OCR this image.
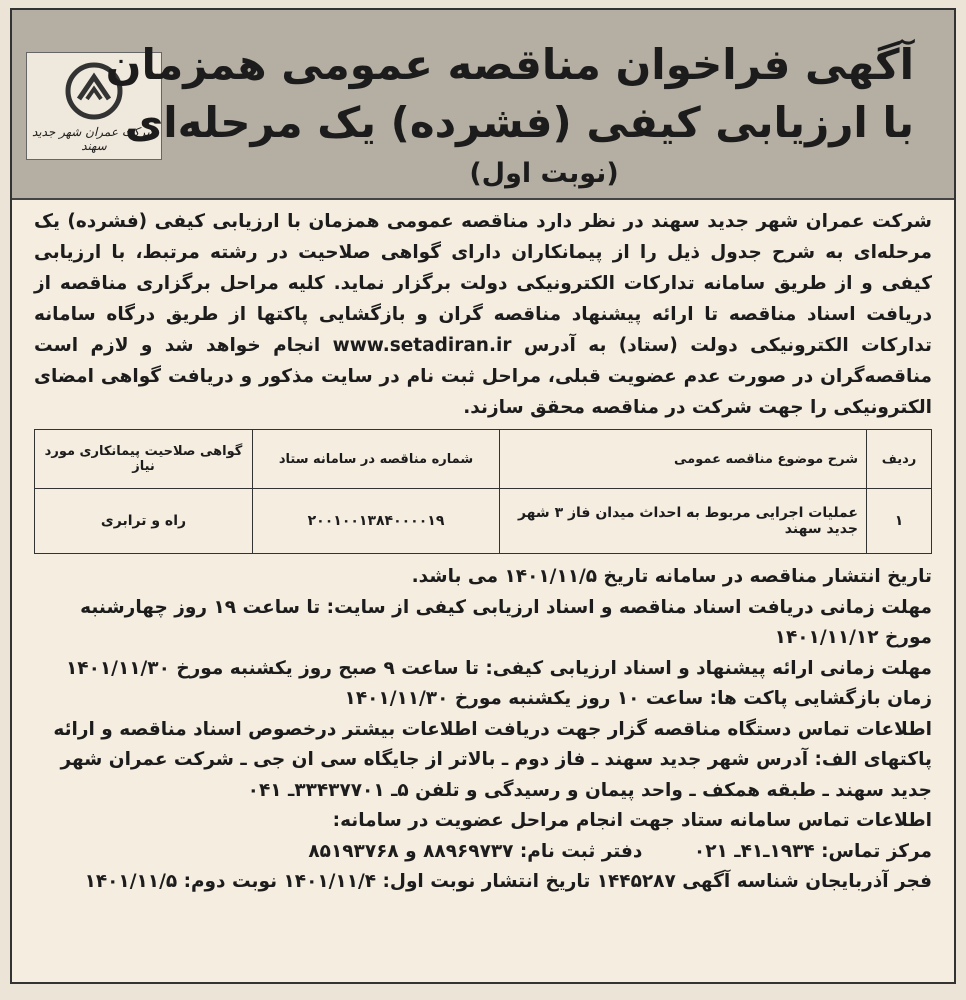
شرکت عمران شهر جدید سهند
آگهی فراخوان مناقصه عمومی همزمان
با ارزیابی کیفی (فشرده) یک مرحله‌ای
(نوبت اول)

شرکت عمران شهر جدید سهند در نظر دارد مناقصه عمومی همزمان با ارزیابی کیفی (فشرده) یک مرحله‌ای به شرح جدول ذیل را از پیمانکاران دارای گواهی صلاحیت در رشته مرتبط، با ارزیابی کیفی و از طریق سامانه تدارکات الکترونیکی دولت برگزار نماید. کلیه مراحل برگزاری مناقصه از دریافت اسناد مناقصه تا ارائه پیشنهاد مناقصه گران و بازگشایی پاکتها از طریق درگاه سامانه تدارکات الکترونیکی دولت (ستاد) به آدرس www.setadiran.ir انجام خواهد شد و لازم است مناقصه‌گران در صورت عدم عضویت قبلی، مراحل ثبت نام در سایت مذکور و دریافت گواهی امضای الکترونیکی را جهت شرکت در مناقصه محقق سازند.

ردیف	شرح موضوع مناقصه عمومی	شماره مناقصه در سامانه ستاد	گواهی صلاحیت پیمانکاری مورد نیاز
۱	عملیات اجرایی مربوط به احداث میدان فاز ۳ شهر جدید سهند	۲۰۰۱۰۰۱۳۸۴۰۰۰۰۱۹	راه و ترابری

تاریخ انتشار مناقصه در سامانه تاریخ ۱۴۰۱/۱۱/۵ می باشد.

مهلت زمانی دریافت اسناد مناقصه و اسناد ارزیابی کیفی از سایت: تا ساعت ۱۹ روز چهارشنبه مورخ ۱۴۰۱/۱۱/۱۲

مهلت زمانی ارائه پیشنهاد و اسناد ارزیابی کیفی: تا ساعت ۹ صبح روز یکشنبه مورخ ۱۴۰۱/۱۱/۳۰

زمان بازگشایی پاکت ها: ساعت ۱۰ روز یکشنبه مورخ ۱۴۰۱/۱۱/۳۰

اطلاعات تماس دستگاه مناقصه گزار جهت دریافت اطلاعات بیشتر درخصوص اسناد مناقصه و ارائه پاکتهای الف: آدرس شهر جدید سهند ـ فاز دوم ـ بالاتر از جایگاه سی ان جی ـ شرکت عمران شهر جدید سهند ـ طبقه همکف ـ واحد پیمان و رسیدگی و تلفن ۵ـ ۳۳۴۳۷۷۰۱ـ ۰۴۱

اطلاعات تماس سامانه ستاد جهت انجام مراحل عضویت در سامانه:

مرکز تماس: ۱۹۳۴ـ۴۱ـ ۰۲۱        دفتر ثبت نام: ۸۸۹۶۹۷۳۷ و ۸۵۱۹۳۷۶۸

فجر آذربایجان شناسه آگهی ۱۴۴۵۲۸۷ تاریخ انتشار نوبت اول: ۱۴۰۱/۱۱/۴ نوبت دوم: ۱۴۰۱/۱۱/۵
